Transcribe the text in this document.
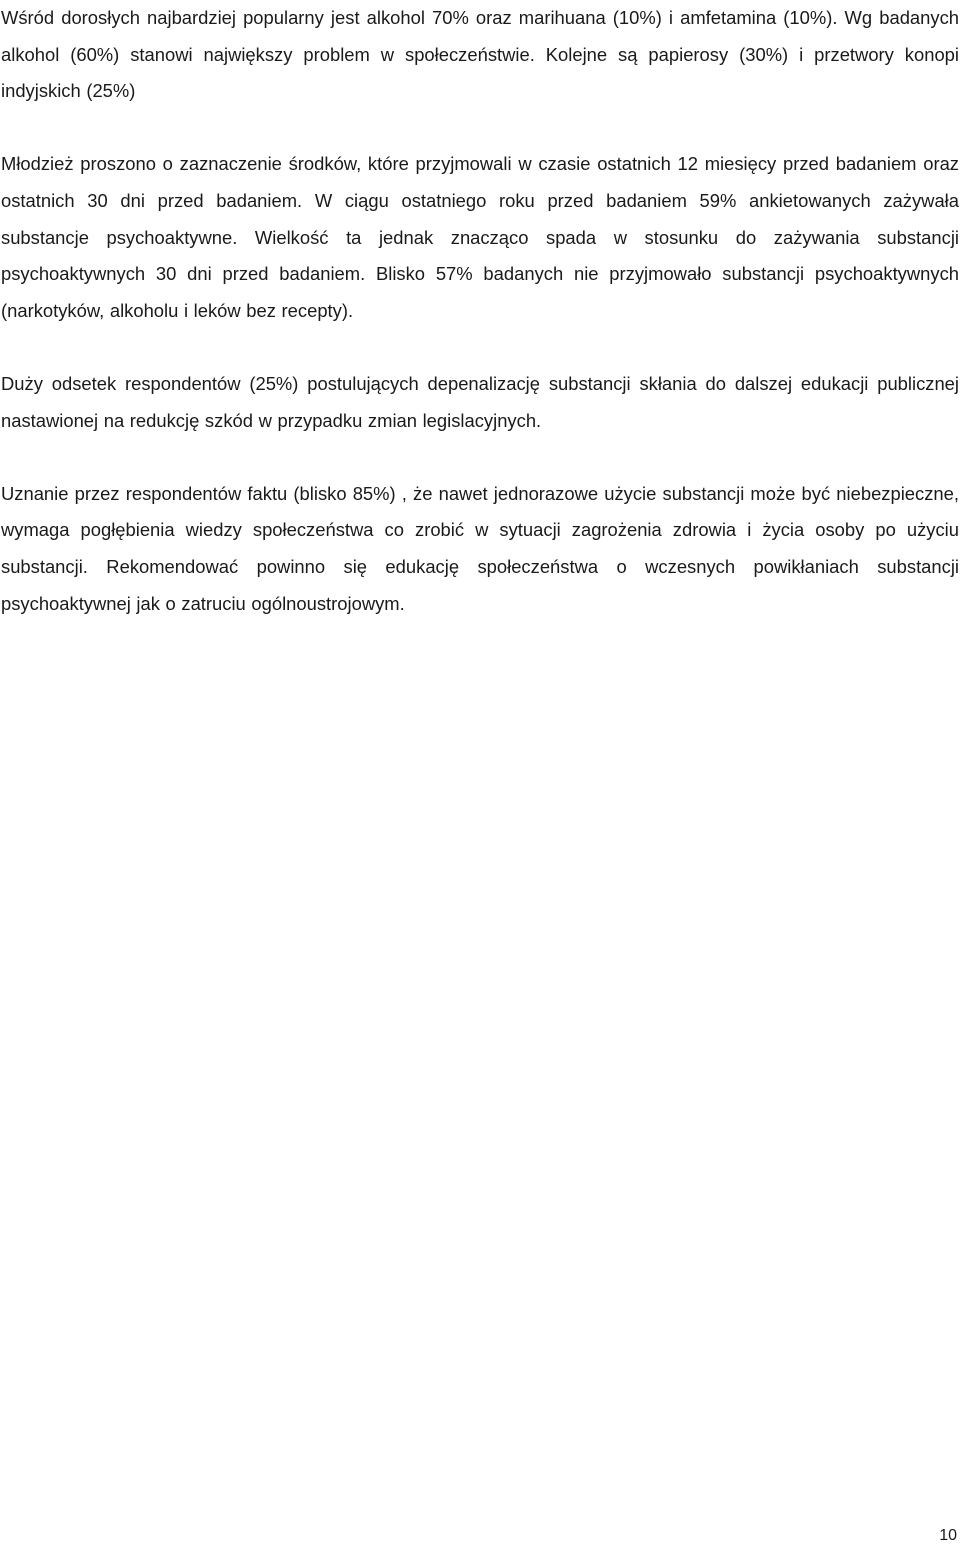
Wśród dorosłych najbardziej popularny jest alkohol 70% oraz marihuana (10%) i amfetamina (10%). Wg badanych alkohol (60%) stanowi największy problem w społeczeństwie. Kolejne są papierosy (30%) i przetwory konopi indyjskich (25%)

Młodzież proszono o zaznaczenie środków, które przyjmowali w czasie ostatnich 12 miesięcy przed badaniem oraz ostatnich 30 dni przed badaniem. W ciągu ostatniego roku przed badaniem 59% ankietowanych zażywała substancje psychoaktywne. Wielkość ta jednak znacząco spada w stosunku do zażywania substancji psychoaktywnych 30 dni przed badaniem. Blisko 57% badanych nie przyjmowało substancji psychoaktywnych (narkotyków, alkoholu i leków bez recepty).

Duży odsetek respondentów (25%) postulujących depenalizację substancji skłania do dalszej edukacji publicznej nastawionej na redukcję szkód w przypadku zmian legislacyjnych.

Uznanie przez respondentów faktu (blisko 85%) , że nawet jednorazowe użycie substancji może być niebezpieczne, wymaga pogłębienia wiedzy społeczeństwa co zrobić w sytuacji zagrożenia zdrowia i życia osoby po użyciu substancji. Rekomendować powinno się edukację społeczeństwa o wczesnych powikłaniach substancji psychoaktywnej jak o zatruciu ogólnoustrojowym.

10
